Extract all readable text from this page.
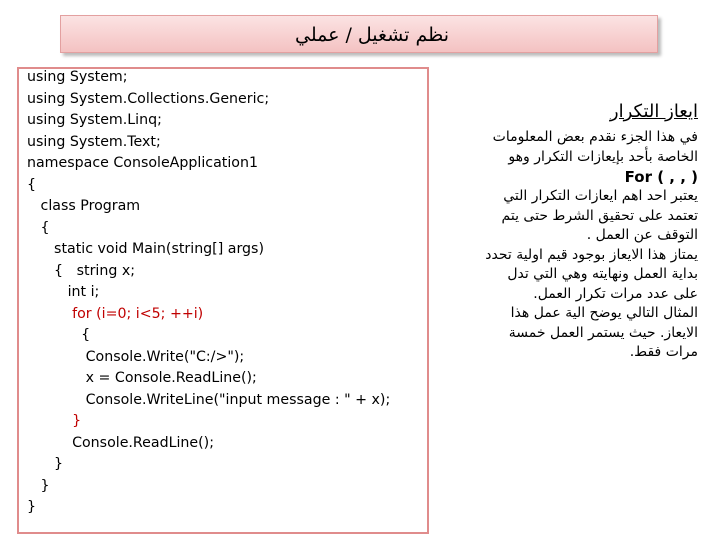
نظم تشغيل / عملي
using System;
using System.Collections.Generic;
using System.Linq;
using System.Text;
namespace ConsoleApplication1
{
class Program
{
static void Main(string[] args)
{   string x;
int i;
for (i=0; i<5; ++i)
{
Console.Write("C:/>");
x = Console.ReadLine();
Console.WriteLine("input message : " + x);
}
Console.ReadLine();
}
}
}
ايعاز التكرار
في هذا الجزء نقدم بعض المعلومات
الخاصة بأحد بإيعازات التكرار وهو
For ( , , )
يعتبر احد اهم ايعازات التكرار التي
تعتمد على تحقيق الشرط حتى يتم
التوقف عن العمل .
يمتاز هذا الايعاز بوجود قيم اولية تحدد
بداية العمل ونهايته وهي التي تدل
على عدد مرات تكرار العمل.
المثال التالي يوضح الية عمل هذا
الايعاز. حيث يستمر العمل خمسة
مرات فقط.
